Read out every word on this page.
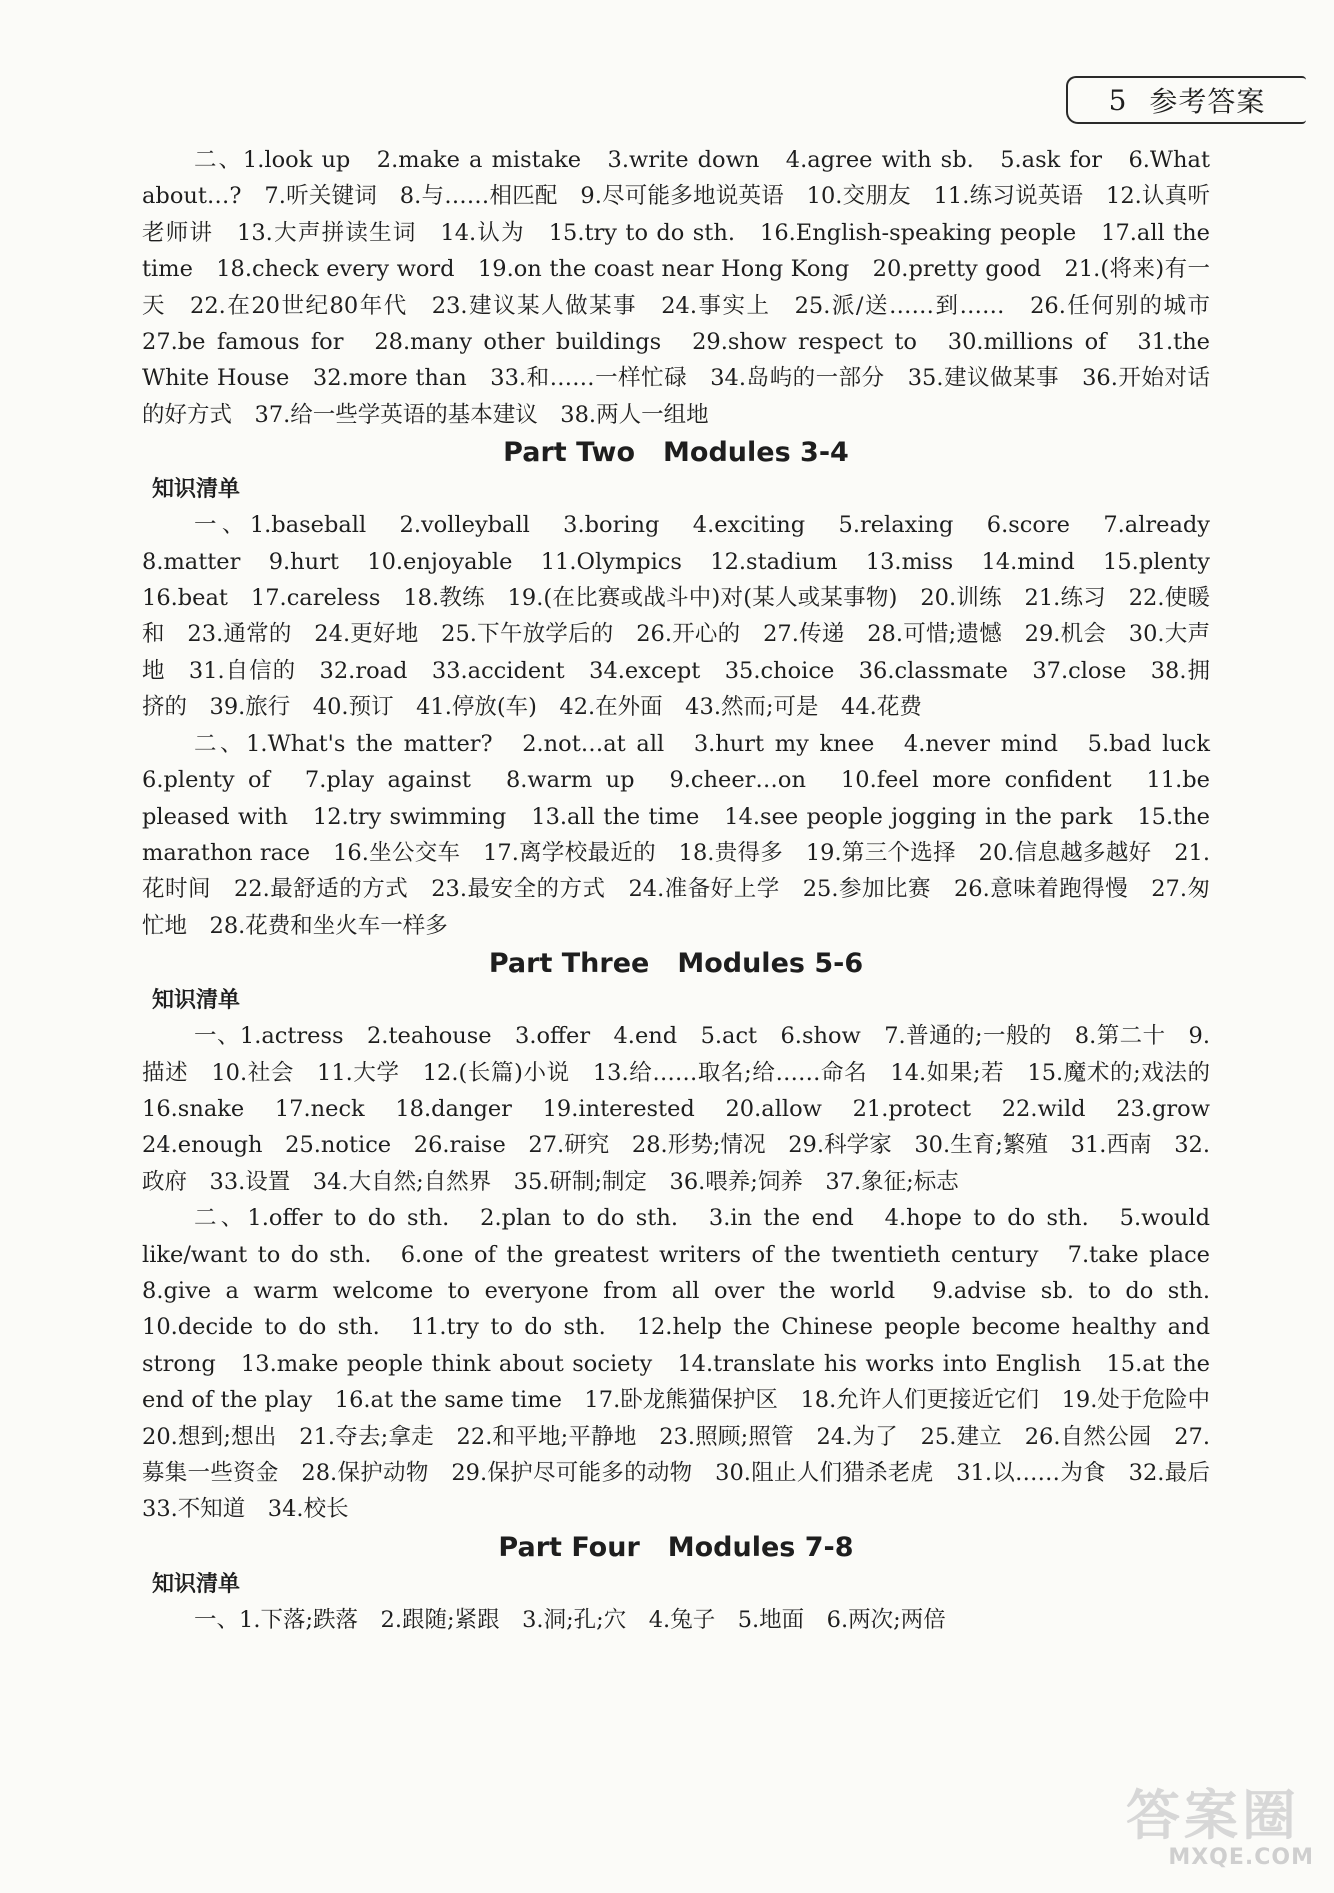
5 参考答案

二、1.look up　2.make a mistake　3.write down　4.agree with sb.　5.ask for　6.What about…?　7.听关键词　8.与……相匹配　9.尽可能多地说英语　10.交朋友　11.练习说英语　12.认真听老师讲　13.大声拼读生词　14.认为　15.try to do sth.　16.English-speaking people　17.all the time　18.check every word　19.on the coast near Hong Kong　20.pretty good　21.(将来)有一天　22.在20世纪80年代　23.建议某人做某事　24.事实上　25.派/送……到……　26.任何别的城市　27.be famous for　28.many other buildings　29.show respect to　30.millions of　31.the White House　32.more than　33.和……一样忙碌　34.岛屿的一部分　35.建议做某事　36.开始对话的好方式　37.给一些学英语的基本建议　38.两人一组地

Part Two Modules 3-4
知识清单

一、1.baseball　2.volleyball　3.boring　4.exciting　5.relaxing　6.score　7.already　8.matter　9.hurt　10.enjoyable　11.Olympics　12.stadium　13.miss　14.mind　15.plenty　16.beat　17.careless　18.教练　19.(在比赛或战斗中)对(某人或某事物)　20.训练　21.练习　22.使暖和　23.通常的　24.更好地　25.下午放学后的　26.开心的　27.传递　28.可惜;遗憾　29.机会　30.大声地　31.自信的　32.road　33.accident　34.except　35.choice　36.classmate　37.close　38.拥挤的　39.旅行　40.预订　41.停放(车)　42.在外面　43.然而;可是　44.花费

二、1.What's the matter?　2.not…at all　3.hurt my knee　4.never mind　5.bad luck　6.plenty of　7.play against　8.warm up　9.cheer…on　10.feel more confident　11.be pleased with　12.try swimming　13.all the time　14.see people jogging in the park　15.the marathon race　16.坐公交车　17.离学校最近的　18.贵得多　19.第三个选择　20.信息越多越好　21.花时间　22.最舒适的方式　23.最安全的方式　24.准备好上学　25.参加比赛　26.意味着跑得慢　27.匆忙地　28.花费和坐火车一样多

Part Three Modules 5-6
知识清单

一、1.actress　2.teahouse　3.offer　4.end　5.act　6.show　7.普通的;一般的　8.第二十　9.描述　10.社会　11.大学　12.(长篇)小说　13.给……取名;给……命名　14.如果;若　15.魔术的;戏法的　16.snake　17.neck　18.danger　19.interested　20.allow　21.protect　22.wild　23.grow　24.enough　25.notice　26.raise　27.研究　28.形势;情况　29.科学家　30.生育;繁殖　31.西南　32.政府　33.设置　34.大自然;自然界　35.研制;制定　36.喂养;饲养　37.象征;标志

二、1.offer to do sth.　2.plan to do sth.　3.in the end　4.hope to do sth.　5.would like/want to do sth.　6.one of the greatest writers of the twentieth century　7.take place　8.give a warm welcome to everyone from all over the world　9.advise sb. to do sth.　10.decide to do sth.　11.try to do sth.　12.help the Chinese people become healthy and strong　13.make people think about society　14.translate his works into English　15.at the end of the play　16.at the same time　17.卧龙熊猫保护区　18.允许人们更接近它们　19.处于危险中　20.想到;想出　21.夺去;拿走　22.和平地;平静地　23.照顾;照管　24.为了　25.建立　26.自然公园　27.募集一些资金　28.保护动物　29.保护尽可能多的动物　30.阻止人们猎杀老虎　31.以……为食　32.最后　33.不知道　34.校长

Part Four Modules 7-8
知识清单

一、1.下落;跌落　2.跟随;紧跟　3.洞;孔;穴　4.兔子　5.地面　6.两次;两倍

答案圈
MXQE.COM
